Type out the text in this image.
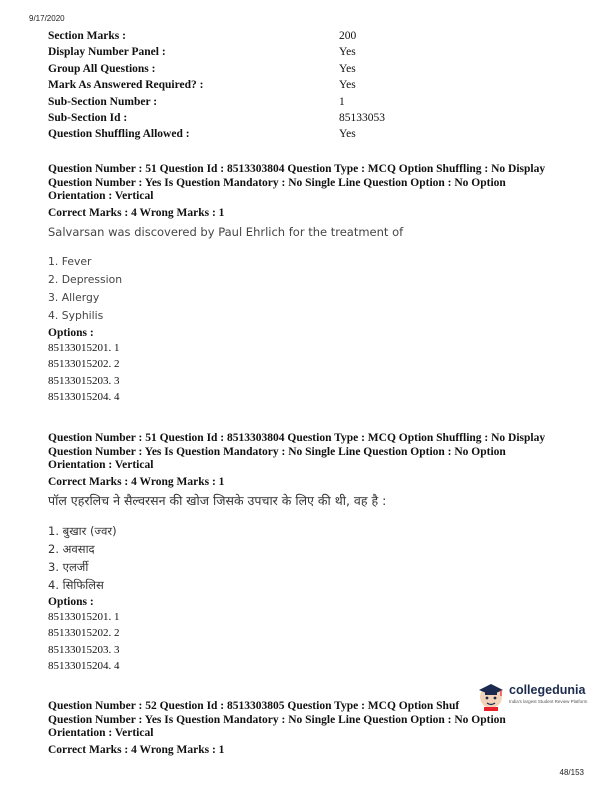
9/17/2020
Section Marks :	200
Display Number Panel :	Yes
Group All Questions :	Yes
Mark As Answered Required? :	Yes
Sub-Section Number :	1
Sub-Section Id :	85133053
Question Shuffling Allowed :	Yes
Question Number : 51 Question Id : 8513303804 Question Type : MCQ Option Shuffling : No Display
Question Number : Yes Is Question Mandatory : No Single Line Question Option : No Option
Orientation : Vertical
Correct Marks : 4 Wrong Marks : 1
Salvarsan was discovered by Paul Ehrlich for the treatment of
1. Fever
2. Depression
3. Allergy
4. Syphilis
Options :
85133015201. 1
85133015202. 2
85133015203. 3
85133015204. 4
Question Number : 51 Question Id : 8513303804 Question Type : MCQ Option Shuffling : No Display
Question Number : Yes Is Question Mandatory : No Single Line Question Option : No Option
Orientation : Vertical
Correct Marks : 4 Wrong Marks : 1
पॉल एहरलिच ने सैल्वरसन की खोज जिसके उपचार के लिए की थी, वह है :
1. बुखार (ज्वर)
2. अवसाद
3. एलर्जी
4. सिफिलिस
Options :
85133015201. 1
85133015202. 2
85133015203. 3
85133015204. 4
Question Number : 52 Question Id : 8513303805 Question Type : MCQ Option Shuf
Question Number : Yes Is Question Mandatory : No Single Line Question Option : No Option
Orientation : Vertical
Correct Marks : 4 Wrong Marks : 1
collegedunia
India's largest Student Review Platform
48/153
